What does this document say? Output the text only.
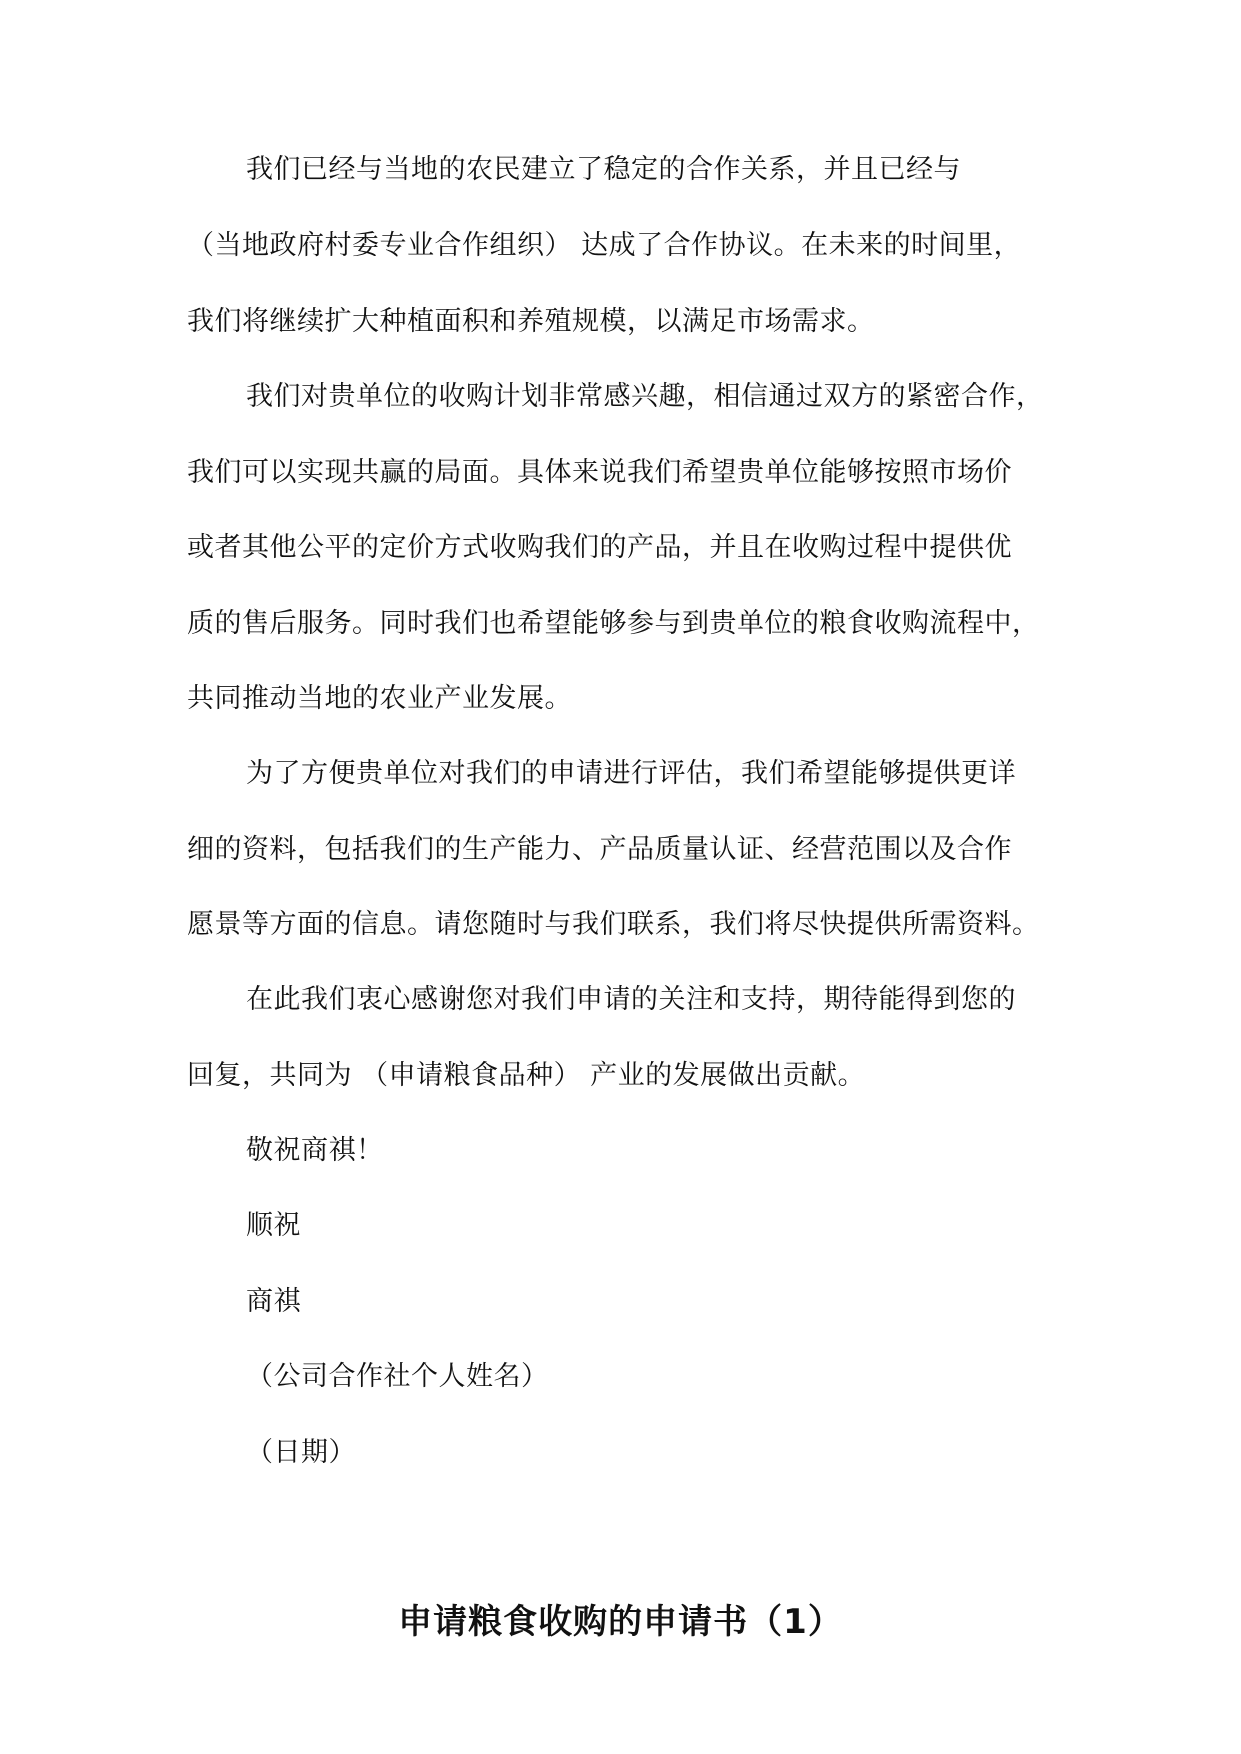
我们已经与当地的农民建立了稳定的合作关系，并且已经与
（当地政府村委专业合作组织） 达成了合作协议。在未来的时间里，
我们将继续扩大种植面积和养殖规模，以满足市场需求。
我们对贵单位的收购计划非常感兴趣，相信通过双方的紧密合作，
我们可以实现共赢的局面。具体来说我们希望贵单位能够按照市场价
或者其他公平的定价方式收购我们的产品，并且在收购过程中提供优
质的售后服务。同时我们也希望能够参与到贵单位的粮食收购流程中，
共同推动当地的农业产业发展。
为了方便贵单位对我们的申请进行评估，我们希望能够提供更详
细的资料，包括我们的生产能力、产品质量认证、经营范围以及合作
愿景等方面的信息。请您随时与我们联系，我们将尽快提供所需资料。
在此我们衷心感谢您对我们申请的关注和支持，期待能得到您的
回复，共同为 （申请粮食品种） 产业的发展做出贡献。
敬祝商祺！
顺祝
商祺
（公司合作社个人姓名）
（日期）
申请粮食收购的申请书（1）
